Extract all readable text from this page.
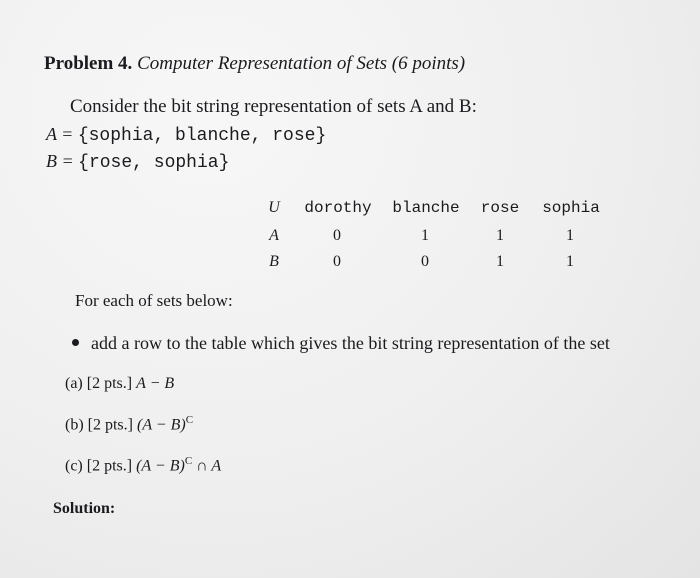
Problem 4. Computer Representation of Sets (6 points)
Consider the bit string representation of sets A and B:
A = {sophia, blanche, rose}
B = {rose, sophia}
U	dorothy blanche rose sophia
A	0	1	1	1
B	0	0	1	1
For each of sets below:
add a row to the table which gives the bit string representation of the set
(a) [2 pts.] A − B
(b) [2 pts.] $(A - B)^C$
(c) [2 pts.] $(A - B)^C$ ∩ A
Solution:
